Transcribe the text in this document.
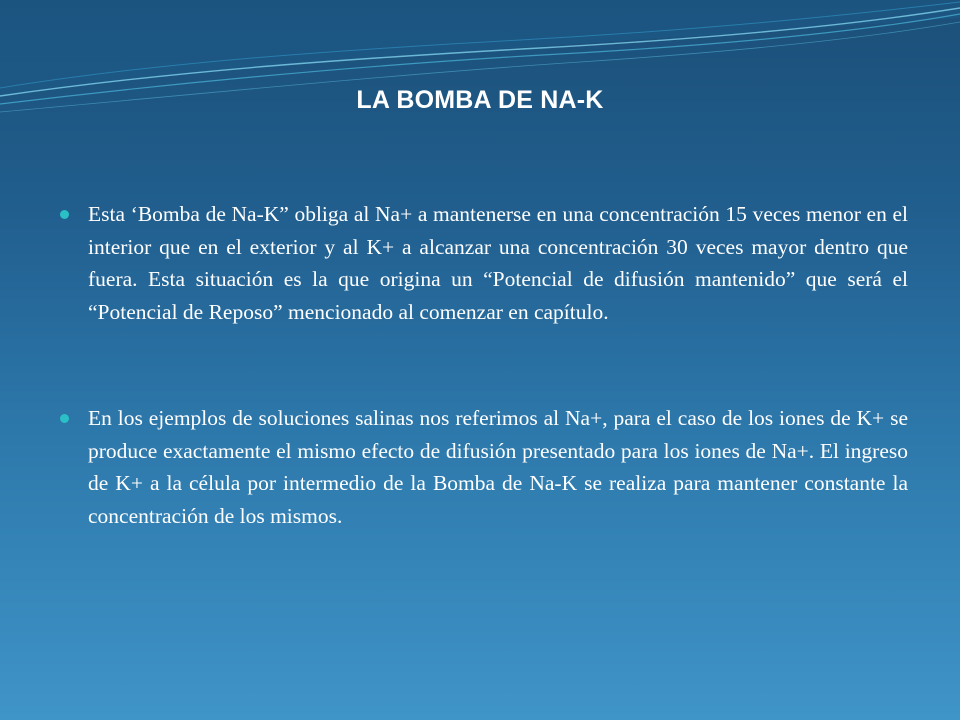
LA BOMBA DE NA-K
Esta ‘Bomba de Na-K” obliga al Na+ a mantenerse en una concentración 15 veces menor en el interior que en el exterior y al K+ a alcanzar una concentración 30 veces mayor dentro que fuera. Esta situación es la que origina un “Potencial de difusión mantenido” que será el “Potencial de Reposo” mencionado al comenzar en capítulo.
En los ejemplos de soluciones salinas nos referimos al Na+, para el caso de los iones de K+ se produce exactamente el mismo efecto de difusión presentado para los iones de Na+. El ingreso de K+ a la célula por intermedio de la Bomba de Na-K se realiza para mantener constante la concentración de los mismos.
